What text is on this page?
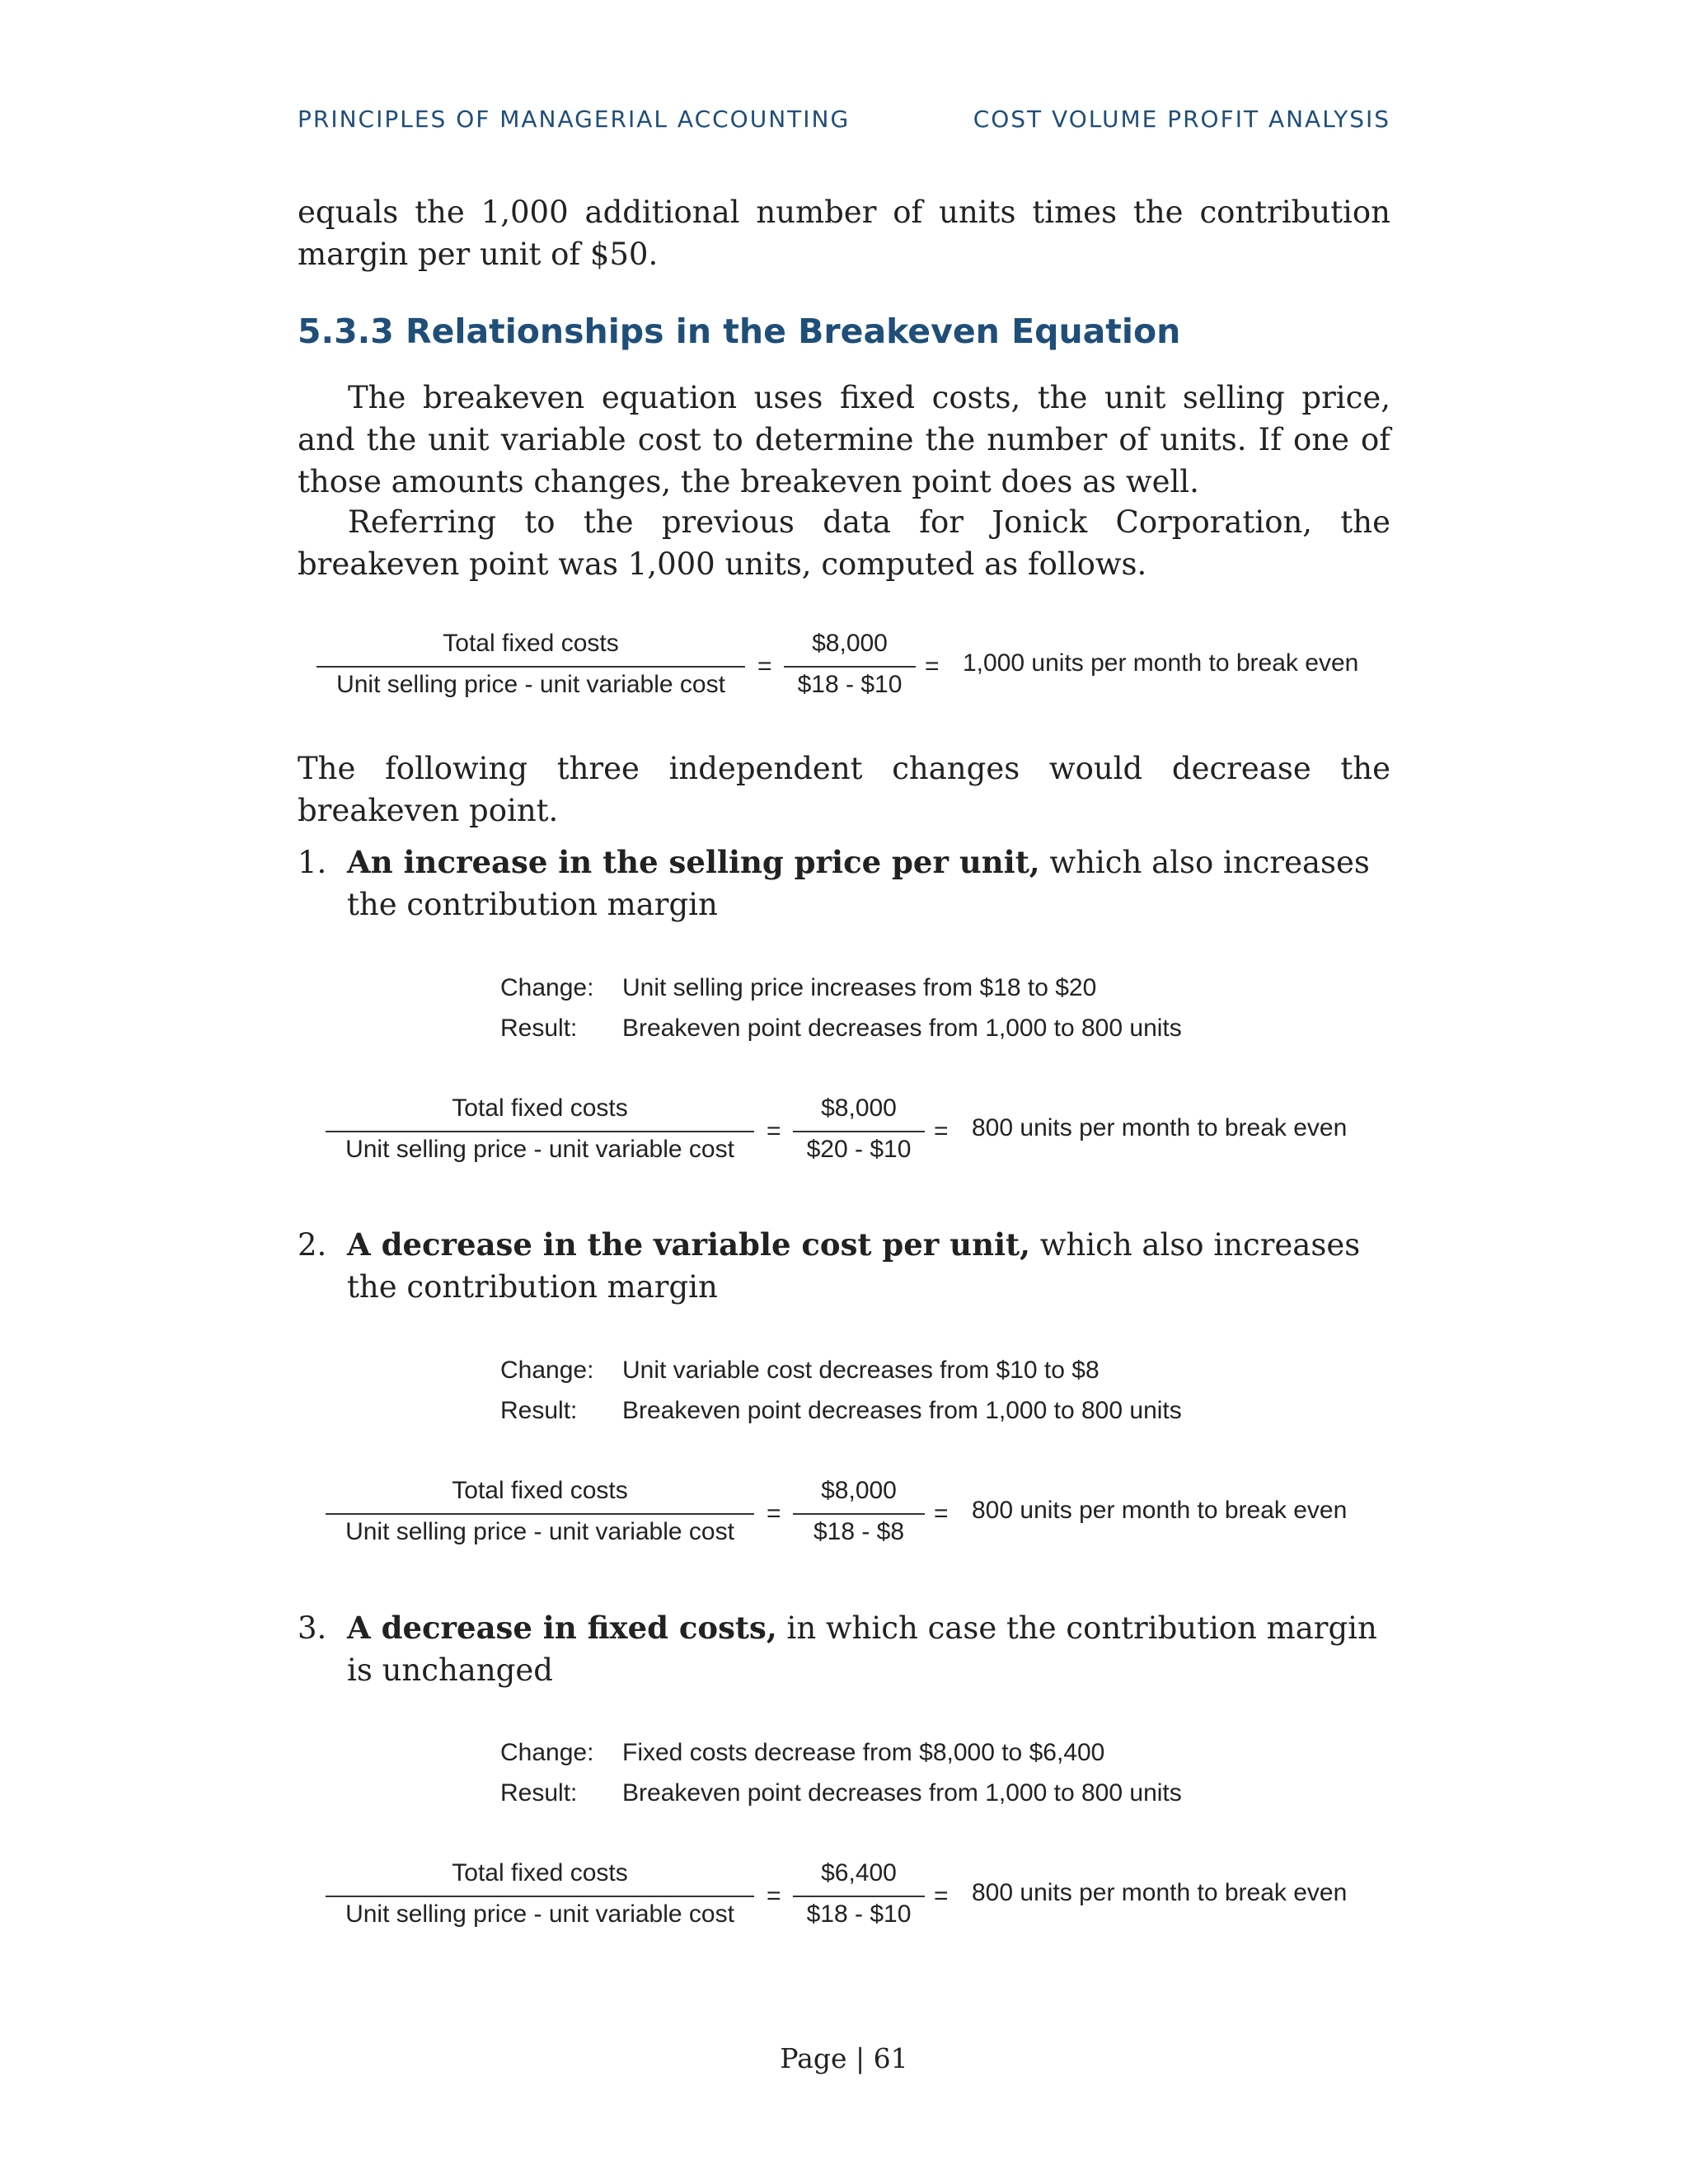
PRINCIPLES OF MANAGERIAL ACCOUNTING	COST VOLUME PROFIT ANALYSIS

equals the 1,000 additional number of units times the contribution margin per unit of $50.

5.3.3 Relationships in the Breakeven Equation

The breakeven equation uses fixed costs, the unit selling price, and the unit variable cost to determine the number of units. If one of those amounts changes, the breakeven point does as well.

Referring to the previous data for Jonick Corporation, the breakeven point was 1,000 units, computed as follows.

Total fixed costs
Unit selling price - unit variable cost
=
$8,000
$18 - $10
= 1,000 units per month to break even

The following three independent changes would decrease the breakeven point.

1. An increase in the selling price per unit, which also increases the contribution margin

Change:	Unit selling price increases from $18 to $20
Result:	Breakeven point decreases from 1,000 to 800 units
Total fixed costs
Unit selling price - unit variable cost
=
$8,000
$20 - $10
= 800 units per month to break even
2. A decrease in the variable cost per unit, which also increases the contribution margin

Change:	Unit variable cost decreases from $10 to $8
Result:	Breakeven point decreases from 1,000 to 800 units
Total fixed costs
Unit selling price - unit variable cost
=
$8,000
$18 - $8
= 800 units per month to break even
3. A decrease in fixed costs, in which case the contribution margin is unchanged

Change:	Fixed costs decrease from $8,000 to $6,400
Result:	Breakeven point decreases from 1,000 to 800 units
Total fixed costs
Unit selling price - unit variable cost
=
$6,400
$18 - $10
= 800 units per month to break even
Page | 61
